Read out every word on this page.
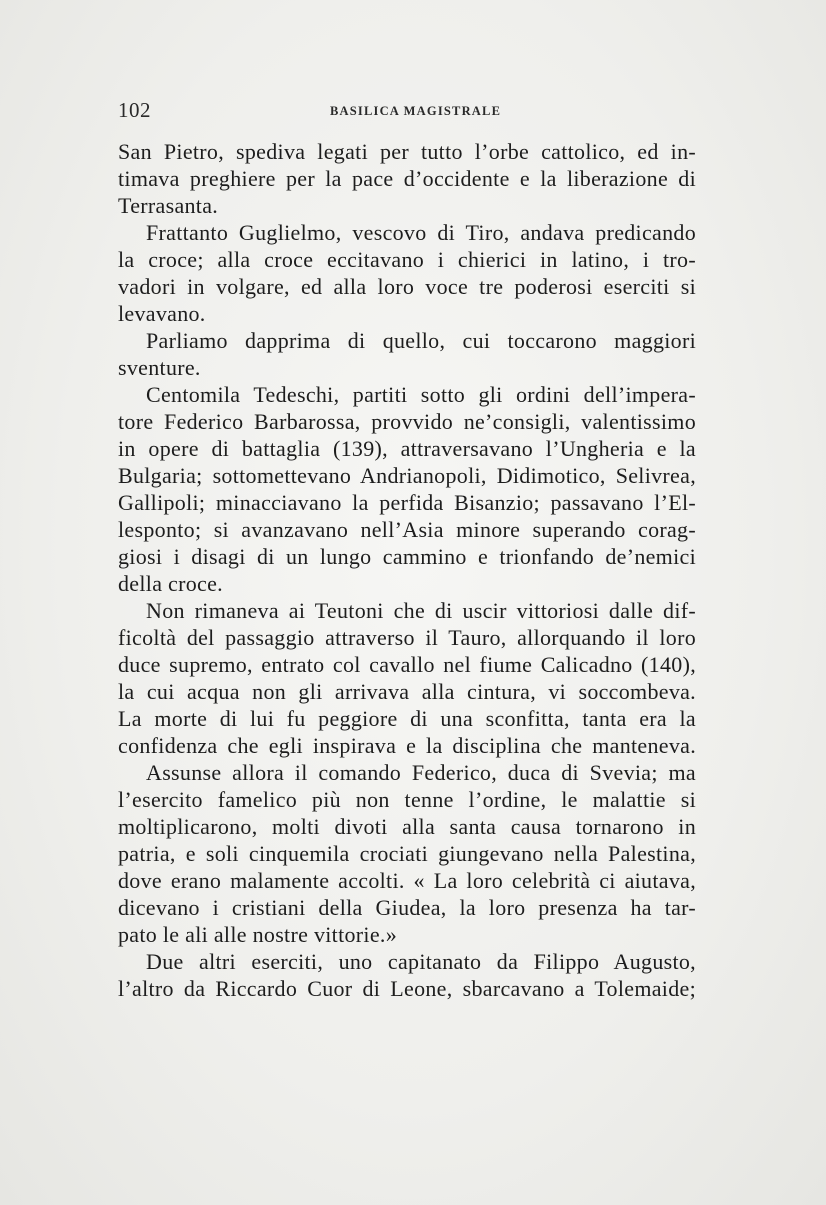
102	BASILICA MAGISTRALE
San Pietro, spediva legati per tutto l’orbe cattolico, ed in-
timava preghiere per la pace d’occidente e la liberazione di
Terrasanta.
Frattanto Guglielmo, vescovo di Tiro, andava predicando
la croce; alla croce eccitavano i chierici in latino, i tro-
vadori in volgare, ed alla loro voce tre poderosi eserciti si
levavano.
Parliamo dapprima di quello, cui toccarono maggiori
sventure.
Centomila Tedeschi, partiti sotto gli ordini dell’impera-
tore Federico Barbarossa, provvido ne’consigli, valentissimo
in opere di battaglia (139), attraversavano l’Ungheria e la
Bulgaria; sottomettevano Andrianopoli, Didimotico, Selivrea,
Gallipoli; minacciavano la perfida Bisanzio; passavano l’El-
lesponto; si avanzavano nell’Asia minore superando corag-
giosi i disagi di un lungo cammino e trionfando de’nemici
della croce.
Non rimaneva ai Teutoni che di uscir vittoriosi dalle dif-
ficoltà del passaggio attraverso il Tauro, allorquando il loro
duce supremo, entrato col cavallo nel fiume Calicadno (140),
la cui acqua non gli arrivava alla cintura, vi soccombeva.
La morte di lui fu peggiore di una sconfitta, tanta era la
confidenza che egli inspirava e la disciplina che manteneva.
Assunse allora il comando Federico, duca di Svevia; ma
l’esercito famelico più non tenne l’ordine, le malattie si
moltiplicarono, molti divoti alla santa causa tornarono in
patria, e soli cinquemila crociati giungevano nella Palestina,
dove erano malamente accolti. « La loro celebrità ci aiutava,
dicevano i cristiani della Giudea, la loro presenza ha tar-
pato le ali alle nostre vittorie.»
Due altri eserciti, uno capitanato da Filippo Augusto,
l’altro da Riccardo Cuor di Leone, sbarcavano a Tolemaide;
